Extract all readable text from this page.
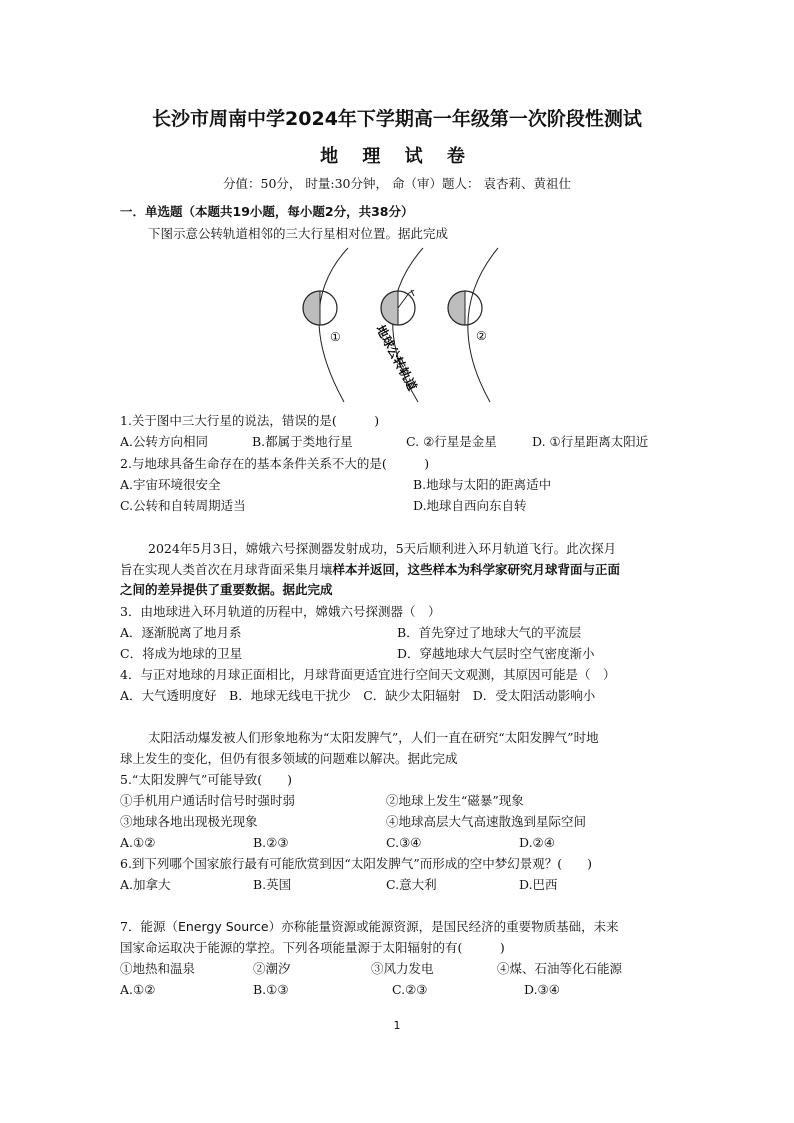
长沙市周南中学2024年下学期高一年级第一次阶段性测试
地 理 试 卷
分值：50分， 时量:30分钟， 命（审）题人： 袁杏莉、黄祖仕
一．单选题（本题共19小题，每小题2分，共38分）
下图示意公转轨道相邻的三大行星相对位置。据此完成
①	②
地球公转轨道
1.关于图中三大行星的说法，错误的是(　　　)
A.公转方向相同	B.都属于类地行星	C. ②行星是金星	D. ①行星距离太阳近
2.与地球具备生命存在的基本条件关系不大的是(　　　)
A.宇宙环境很安全	B.地球与太阳的距离适中
C.公转和自转周期适当	D.地球自西向东自转
2024年5月3日，嫦娥六号探测器发射成功，5天后顺利进入环月轨道飞行。此次探月
旨在实现人类首次在月球背面采集月壤样本并返回，这些样本为科学家研究月球背面与正面
之间的差异提供了重要数据。据此完成
3．由地球进入环月轨道的历程中，嫦娥六号探测器（　）
A．逐渐脱离了地月系	B．首先穿过了地球大气的平流层
C．将成为地球的卫星	D．穿越地球大气层时空气密度渐小
4．与正对地球的月球正面相比，月球背面更适宜进行空间天文观测，其原因可能是（　）
A．大气透明度好　B．地球无线电干扰少　C．缺少太阳辐射　D．受太阳活动影响小
太阳活动爆发被人们形象地称为“太阳发脾气”，人们一直在研究“太阳发脾气”时地
球上发生的变化，但仍有很多领域的问题难以解决。据此完成
5.“太阳发脾气”可能导致(　　)
①手机用户通话时信号时强时弱	②地球上发生“磁暴”现象
③地球各地出现极光现象	④地球高层大气高速散逸到星际空间
A.①②	B.②③	C.③④	D.②④
6.到下列哪个国家旅行最有可能欣赏到因“太阳发脾气”而形成的空中梦幻景观？(　　)
A.加拿大	B.英国	C.意大利	D.巴西
7．能源（Energy Source）亦称能量资源或能源资源，是国民经济的重要物质基础，未来
国家命运取决于能源的掌控。下列各项能量源于太阳辐射的有(　　　)
①地热和温泉	②潮汐	③风力发电	④煤、石油等化石能源
A.①②	B.①③	C.②③	D.③④
1
